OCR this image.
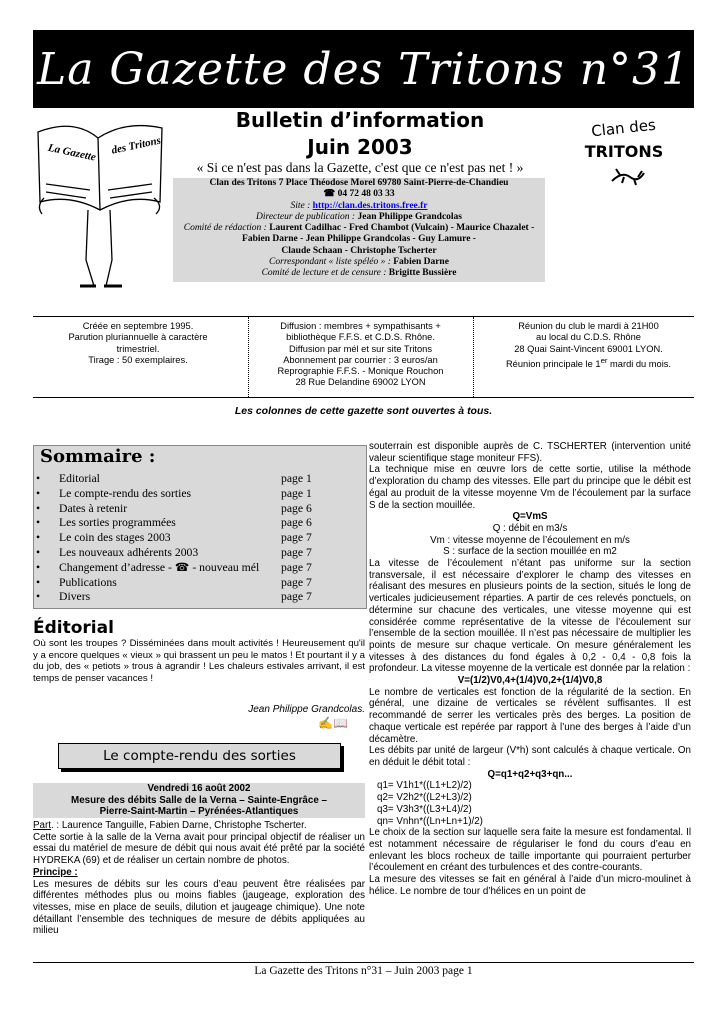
La Gazette des Tritons n°31
La Gazette des Tritons
Bulletin d’information
Juin 2003
« Si ce n'est pas dans la Gazette, c'est que ce n'est pas net ! »
Clan des
TRITONS
Clan des Tritons 7 Place Théodose Morel 69780 Saint-Pierre-de-Chandieu
☎ 04 72 48 03 33
Site : http://clan.des.tritons.free.fr
Directeur de publication : Jean Philippe Grandcolas
Comité de rédaction : Laurent Cadilhac - Fred Chambot (Vulcain) - Maurice Chazalet -
Fabien Darne - Jean Philippe Grandcolas - Guy Lamure -
Claude Schaan - Christophe Tscherter
Correspondant « liste spéléo » : Fabien Darne
Comité de lecture et de censure : Brigitte Bussière
Créée en septembre 1995.
Parution pluriannuelle à caractère
trimestriel.
Tirage : 50 exemplaires.
Diffusion : membres + sympathisants +
bibliothèque F.F.S. et C.D.S. Rhône.
Diffusion par mél et sur site Tritons
Abonnement par courrier : 3 euros/an
Reprographie F.F.S. - Monique Rouchon
28 Rue Delandine 69002 LYON
Réunion du club le mardi à 21H00
au local du C.D.S. Rhône
28 Quai Saint-Vincent 69001 LYON.
Réunion principale le 1er mardi du mois.
Les colonnes de cette gazette sont ouvertes à tous.
Sommaire :
• Editorial	page 1
• Le compte-rendu des sorties	page 1
• Dates à retenir	page 6
• Les sorties programmées	page 6
• Le coin des stages 2003	page 7
• Les nouveaux adhérents 2003	page 7
• Changement d’adresse - ☎ - nouveau mél page 7
• Publications	page 7
• Divers	page 7
Éditorial
Où sont les troupes ? Disséminées dans moult activités ! Heureusement qu'il y a encore quelques « vieux » qui brassent un peu le matos ! Et pourtant il y a du job, des « petiots » trous à agrandir ! Les chaleurs estivales arrivant, il est temps de penser vacances !
Jean Philippe Grandcolas.
✍📖
Le compte-rendu des sorties
Vendredi 16 août 2002
Mesure des débits Salle de la Verna – Sainte-Engrâce –
Pierre-Saint-Martin – Pyrénées-Atlantiques

Part. : Laurence Tanguille, Fabien Darne, Christophe Tscherter.

Cette sortie à la salle de la Verna avait pour principal objectif de réaliser un essai du matériel de mesure de débit qui nous avait été prêté par la société HYDREKA (69) et de réaliser un certain nombre de photos.

Principe :

Les mesures de débits sur les cours d’eau peuvent être réalisées par différentes méthodes plus ou moins fiables (jaugeage, exploration des vitesses, mise en place de seuils, dilution et jaugeage chimique). Une note détaillant l’ensemble des techniques de mesure de débits appliquées au milieu

souterrain est disponible auprès de C. TSCHERTER (intervention unité valeur scientifique stage moniteur FFS).

La technique mise en œuvre lors de cette sortie, utilise la méthode d’exploration du champ des vitesses. Elle part du principe que le débit est égal au produit de la vitesse moyenne Vm de l’écoulement par la surface S de la section mouillée.

Q=VmS

Q : débit en m3/s

Vm : vitesse moyenne de l’écoulement en m/s

S : surface de la section mouillée en m2

La vitesse de l’écoulement n’étant pas uniforme sur la section transversale, il est nécessaire d’explorer le champ des vitesses en réalisant des mesures en plusieurs points de la section, situés le long de verticales judicieusement réparties. A partir de ces relevés ponctuels, on détermine sur chacune des verticales, une vitesse moyenne qui est considérée comme représentative de la vitesse de l’écoulement sur l’ensemble de la section mouillée. Il n’est pas nécessaire de multiplier les points de mesure sur chaque verticale. On mesure généralement les vitesses à des distances du fond égales à 0,2 - 0,4 - 0,8 fois la profondeur. La vitesse moyenne de la verticale est donnée par la relation :

V=(1/2)V0,4+(1/4)V0,2+(1/4)V0,8

Le nombre de verticales est fonction de la régularité de la section. En général, une dizaine de verticales se révèlent suffisantes. Il est recommandé de serrer les verticales près des berges. La position de chaque verticale est repérée par rapport à l’une des berges à l’aide d’un décamètre.

Les débits par unité de largeur (V*h) sont calculés à chaque verticale. On en déduit le débit total :

Q=q1+q2+q3+qn...

q1= V1h1*((L1+L2)/2)

q2= V2h2*((L2+L3)/2)

q3= V3h3*((L3+L4)/2)

qn= Vnhn*((Ln+Ln+1)/2)

Le choix de la section sur laquelle sera faite la mesure est fondamental. Il est notamment nécessaire de régulariser le fond du cours d’eau en enlevant les blocs rocheux de taille importante qui pourraient perturber l’écoulement en créant des turbulences et des contre-courants.

La mesure des vitesses se fait en général à l’aide d’un micro-moulinet à hélice. Le nombre de tour d’hélices en un point de

La Gazette des Tritons n°31 – Juin 2003 page 1
